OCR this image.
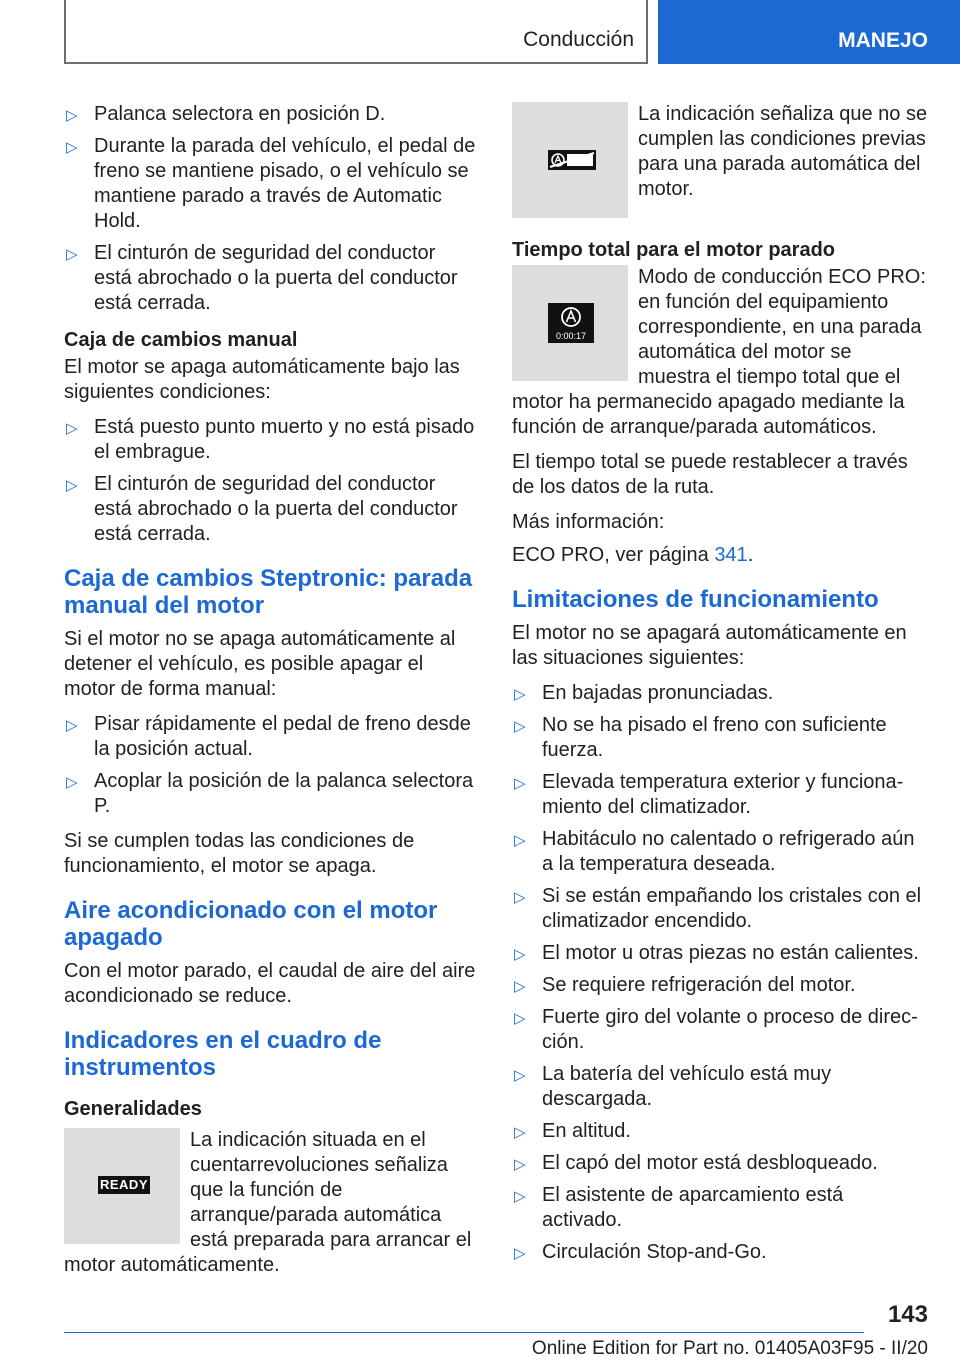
Conducción	MANEJO
▷ Palanca selectora en posición D.
▷ Durante la parada del vehículo, el pedal de freno se mantiene pisado, o el vehículo se mantiene parado a través de Automatic Hold.
▷ El cinturón de seguridad del conductor está abrochado o la puerta del conductor está cerrada.

Caja de cambios manual

El motor se apaga automáticamente bajo las siguientes condiciones:

▷ Está puesto punto muerto y no está pisado el embrague.
▷ El cinturón de seguridad del conductor está abrochado o la puerta del conductor está cerrada.

Caja de cambios Steptronic: parada manual del motor

Si el motor no se apaga automáticamente al detener el vehículo, es posible apagar el motor de forma manual:

▷ Pisar rápidamente el pedal de freno desde la posición actual.
▷ Acoplar la posición de la palanca selectora P.

Si se cumplen todas las condiciones de funcionamiento, el motor se apaga.

Aire acondicionado con el motor apagado

Con el motor parado, el caudal de aire del aire acondicionado se reduce.

Indicadores en el cuadro de instrumentos

Generalidades

READY

La indicación situada en el cuentarrevoluciones señaliza que la función de arranque/parada automática está preparada para arrancar el motor automáticamente.

La indicación señaliza que no se cumplen las condiciones previas para una parada automática del motor.

Tiempo total para el motor parado

0:00:17

Modo de conducción ECO PRO: en función del equipamiento correspondiente, en una parada automática del motor se muestra el tiempo total que el motor ha permanecido apagado mediante la función de arranque/parada automáticos.

El tiempo total se puede restablecer a través de los datos de la ruta.

Más información:

ECO PRO, ver página 341.

Limitaciones de funcionamiento

El motor no se apagará automáticamente en las situaciones siguientes:

▷ En bajadas pronunciadas.
▷ No se ha pisado el freno con suficiente fuerza.
▷ Elevada temperatura exterior y funcionamiento del climatizador.
▷ Habitáculo no calentado o refrigerado aún a la temperatura deseada.
▷ Si se están empañando los cristales con el climatizador encendido.
▷ El motor u otras piezas no están calientes.
▷ Se requiere refrigeración del motor.
▷ Fuerte giro del volante o proceso de dirección.
▷ La batería del vehículo está muy descargada.
▷ En altitud.
▷ El capó del motor está desbloqueado.
▷ El asistente de aparcamiento está activado.
▷ Circulación Stop-and-Go.
143
Online Edition for Part no. 01405A03F95 - II/20
